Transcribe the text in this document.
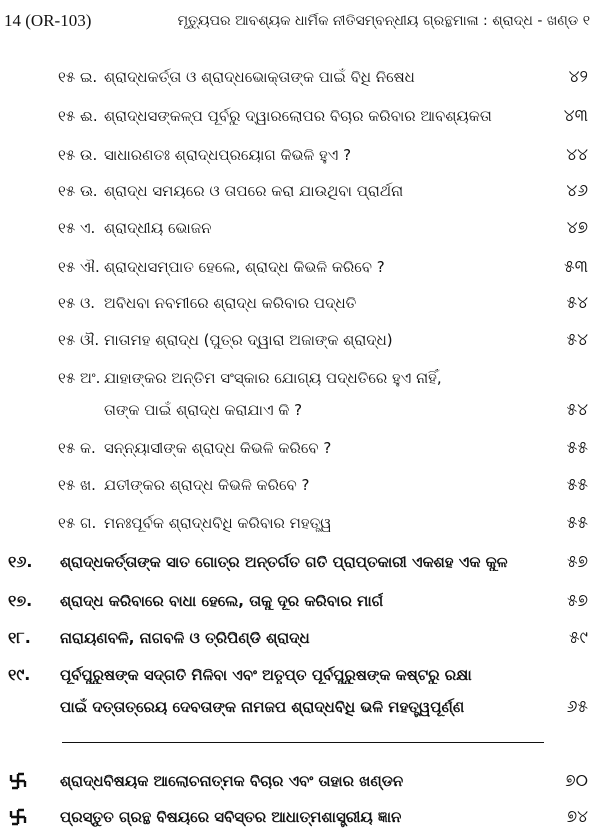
14 (OR-103)	ମୃତ୍ୟୁପର ଆବଶ୍ୟକ ଧାର୍ମିକ ନୀତିସମ୍ବନ୍ଧୀୟ ଗ୍ରନ୍ଥମାଳା : ଶ୍ରାଦ୍ଧ - ଖଣ୍ଡ ୧
୧୫ ଇ. ଶ୍ରାଦ୍ଧକର୍ତ୍ତା ଓ ଶ୍ରାଦ୍ଧଭୋକ୍ତାଙ୍କ ପାଇଁ ବିଧି ନିଷେଧ	୪୨
୧୫ ଈ. ଶ୍ରାଦ୍ଧସଙ୍କଳ୍ପ ପୂର୍ବରୁ ଦ୍ୱାରଲୋପର ବିଚାର କରିବାର ଆବଶ୍ୟକତା	୪୩
୧୫ ଉ. ସାଧାରଣତଃ ଶ୍ରାଦ୍ଧପ୍ରୟୋଗ କିଭଳି ହୁଏ ?	୪୪
୧୫ ଊ. ଶ୍ରାଦ୍ଧ ସମୟରେ ଓ ତାପରେ କରା ଯାଉଥିବା ପ୍ରାର୍ଥନା	୪୬
୧୫ ଏ. ଶ୍ରାଦ୍ଧୀୟ ଭୋଜନ	୪୭
୧୫ ଐ. ଶ୍ରାଦ୍ଧସମ୍ପାତ ହେଲେ, ଶ୍ରାଦ୍ଧ କିଭଳି କରିବେ ?	୫୩
୧୫ ଓ. ଅବିଧବା ନବମୀରେ ଶ୍ରାଦ୍ଧ କରିବାର ପଦ୍ଧତି	୫୪
୧୫ ଔ. ମାତାମହ ଶ୍ରାଦ୍ଧ (ପୁତ୍ର ଦ୍ୱାରା ଅଜାଙ୍କ ଶ୍ରାଦ୍ଧ)	୫୪
୧୫ ଅଂ. ଯାହାଙ୍କର ଅନ୍ତିମ ସଂସ୍କାର ଯୋଗ୍ୟ ପଦ୍ଧତିରେ ହୁଏ ନାହିଁ,
ତାଙ୍କ ପାଇଁ ଶ୍ରାଦ୍ଧ କରାଯାଏ କି ?	୫୪
୧୫ କ. ସନ୍ନ୍ୟାସୀଙ୍କ ଶ୍ରାଦ୍ଧ କିଭଳି କରିବେ ?	୫୫
୧୫ ଖ. ଯତୀଙ୍କର ଶ୍ରାଦ୍ଧ କିଭଳି କରିବେ ?	୫୫
୧୫ ଗ. ମନଃପୂର୍ବକ ଶ୍ରାଦ୍ଧବିଧି କରିବାର ମହତ୍ତ୍ୱ	୫୫
୧୬. ଶ୍ରାଦ୍ଧକର୍ତ୍ତାଙ୍କ ସାତ ଗୋତ୍ର ଅନ୍ତର୍ଗତ ଗତି ପ୍ରାପ୍ତକାରୀ ଏକଶହ ଏକ କୁଳ	୫୭
୧୭. ଶ୍ରାଦ୍ଧ କରିବାରେ ବାଧା ହେଲେ, ତାକୁ ଦୂର କରିବାର ମାର୍ଗ	୫୭
୧୮. ନାରାୟଣବଳି, ନାଗବଳି ଓ ତ୍ରିପିଣ୍ଡି ଶ୍ରାଦ୍ଧ	୫୯
୧୯. ପୂର୍ବପୁରୁଷଙ୍କ ସଦ୍‌ଗତି ମିଳିବା ଏବଂ ଅତୃପ୍ତ ପୂର୍ବପୁରୁଷଙ୍କ କଷ୍ଟରୁ ରକ୍ଷା
ପାଇଁ ଦତ୍ତାତ୍ରେୟ ଦେବତାଙ୍କ ନାମଜପ ଶ୍ରାଦ୍ଧବିଧି ଭଳି ମହତ୍ତ୍ୱପୂର୍ଣ୍ଣ	୬୫
ଶ୍ରାଦ୍ଧବିଷୟକ ଆଲୋଚନାତ୍ମକ ବିଚାର ଏବଂ ତାହାର ଖଣ୍ଡନ	୭୦
ପ୍ରସ୍ତୁତ ଗ୍ରନ୍ଥ ବିଷୟରେ ସବିସ୍ତର ଆଧାତ୍ମଶାସ୍ତ୍ରୀୟ ଜ୍ଞାନ	୭୪
